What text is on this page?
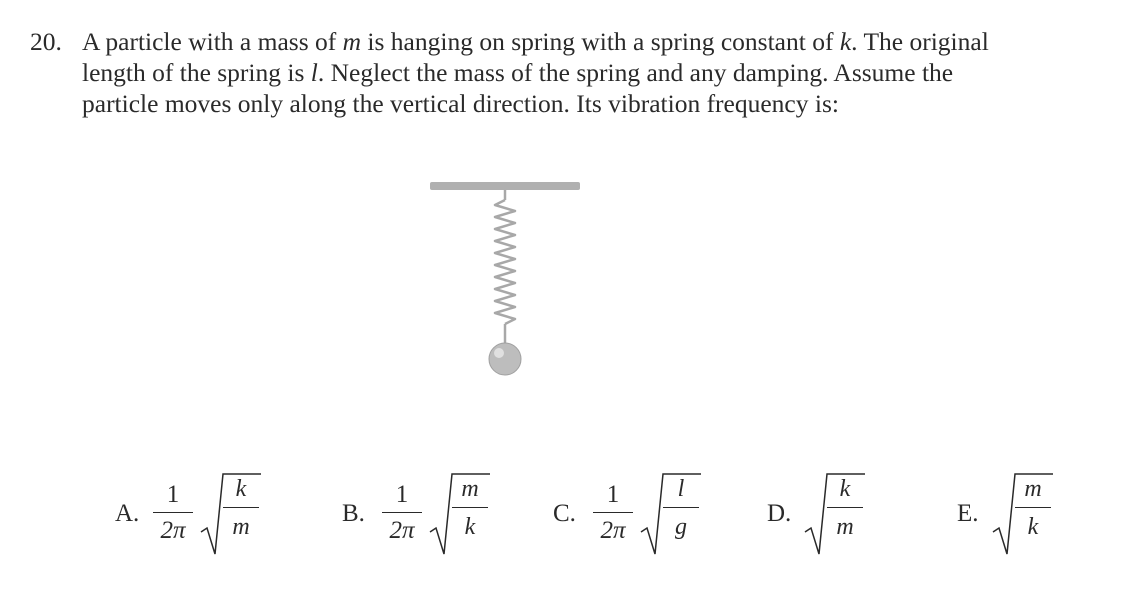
20. A particle with a mass of m is hanging on spring with a spring constant of k. The original
length of the spring is l. Neglect the mass of the spring and any damping. Assume the
particle moves only along the vertical direction. Its vibration frequency is:
A.
1
2π
k
m	B.
1
2π
m
k	C.
1
2π
l
g	D.
k
m	E.
m
k
